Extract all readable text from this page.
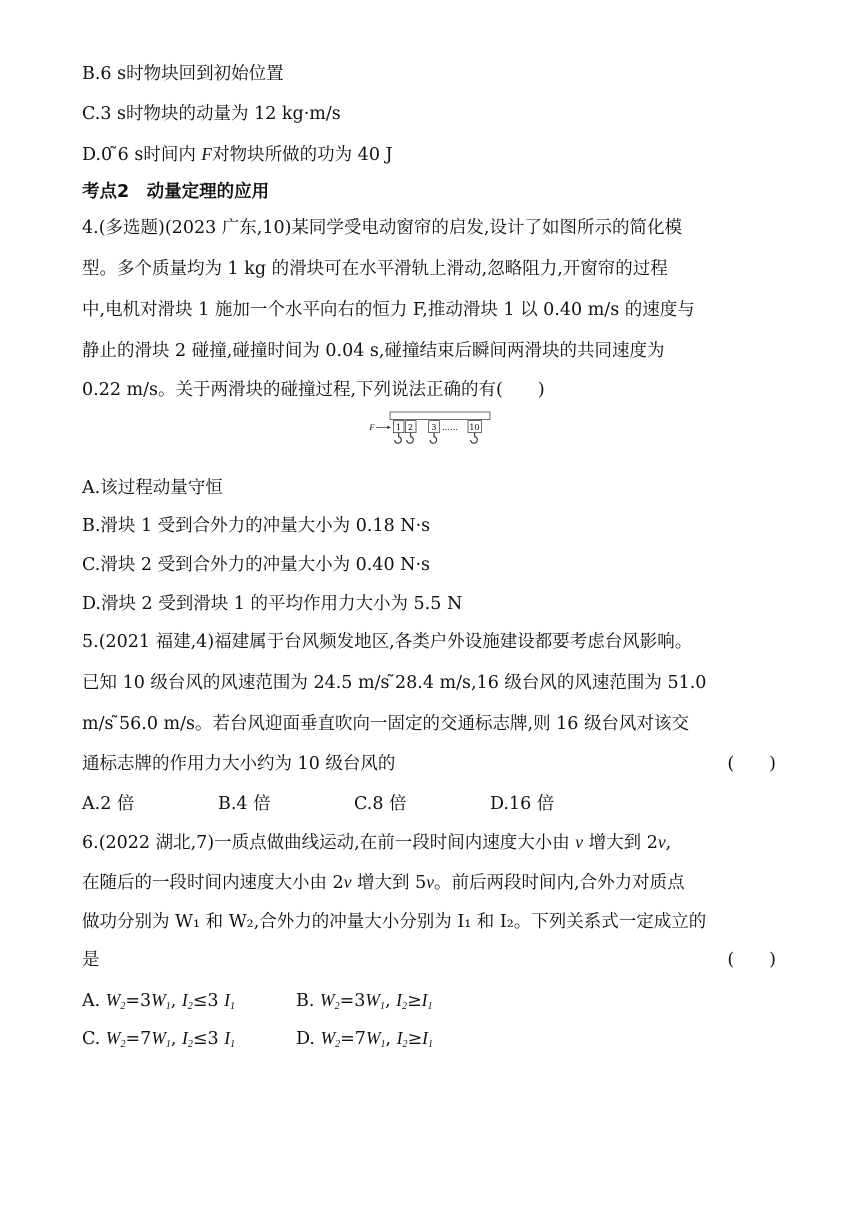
B.6 s时物块回到初始位置
C.3 s时物块的动量为 12 kg·m/s
D.0 ̃6 s时间内 F对物块所做的功为 40 J
考点2　动量定理的应用
4.(多选题)(2023 广东,10)某同学受电动窗帘的启发,设计了如图所示的简化模
型。多个质量均为 1 kg 的滑块可在水平滑轨上滑动,忽略阻力,开窗帘的过程
中,电机对滑块 1 施加一个水平向右的恒力 F,推动滑块 1 以 0.40 m/s 的速度与
静止的滑块 2 碰撞,碰撞时间为 0.04 s,碰撞结束后瞬间两滑块的共同速度为
0.22 m/s。关于两滑块的碰撞过程,下列说法正确的有(　　)
F 1 2 3 …… 10
A.该过程动量守恒
B.滑块 1 受到合外力的冲量大小为 0.18 N·s
C.滑块 2 受到合外力的冲量大小为 0.40 N·s
D.滑块 2 受到滑块 1 的平均作用力大小为 5.5 N
5.(2021 福建,4)福建属于台风频发地区,各类户外设施建设都要考虑台风影响。
已知 10 级台风的风速范围为 24.5 m/s ̃28.4 m/s,16 级台风的风速范围为 51.0
m/s ̃56.0 m/s。若台风迎面垂直吹向一固定的交通标志牌,则 16 级台风对该交
通标志牌的作用力大小约为 10 级台风的	(　　)
A.2 倍	B.4 倍	C.8 倍	D.16 倍
6.(2022 湖北,7)一质点做曲线运动,在前一段时间内速度大小由 v 增大到 2v,
在随后的一段时间内速度大小由 2v 增大到 5v。前后两段时间内,合外力对质点
做功分别为 W₁ 和 W₂,合外力的冲量大小分别为 I₁ 和 I₂。下列关系式一定成立的
是	(　　)
A. $W_2=3W_1$, $I_2\le 3$ $I_1$	B. $W_2=3W_1$, $I_2\ge I_1$
C. $W_2=7W_1$, $I_2\le 3$ $I_1$	D. $W_2=7W_1$, $I_2\ge I_1$
